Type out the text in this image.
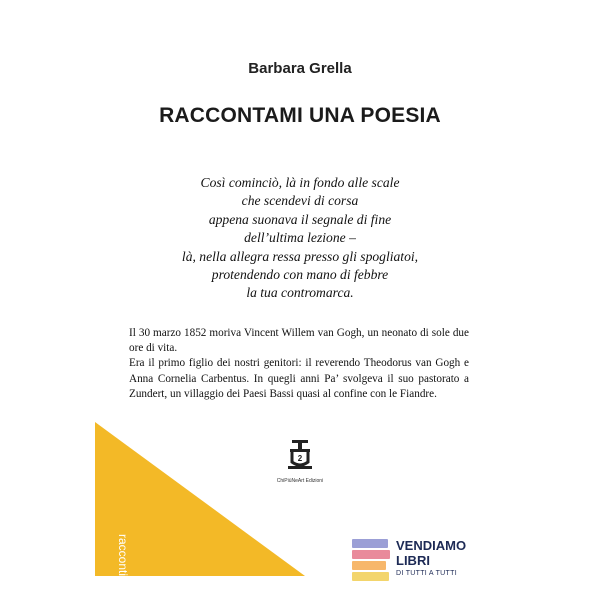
Barbara Grella
RACCONTAMI UNA POESIA
Così cominciò, là in fondo alle scale
che scendevi di corsa
appena suonava il segnale di fine
dell’ultima lezione –
là, nella allegra ressa presso gli spogliatoi,
protendendo con mano di febbre
la tua contromarca.

Il 30 marzo 1852 moriva Vincent Willem van Gogh, un neonato di sole due ore di vita.

Era il primo figlio dei nostri genitori: il reverendo Theodorus van Gogh e Anna Cornelia Carbentus. In quegli anni Pa’ svolgeva il suo pastorato a Zundert, un villaggio dei Paesi Bassi quasi al confine con le Fiandre.

racconti
2
ChiPiùNeArt Edizioni
VENDIAMO
LIBRI
DI TUTTI A TUTTI
